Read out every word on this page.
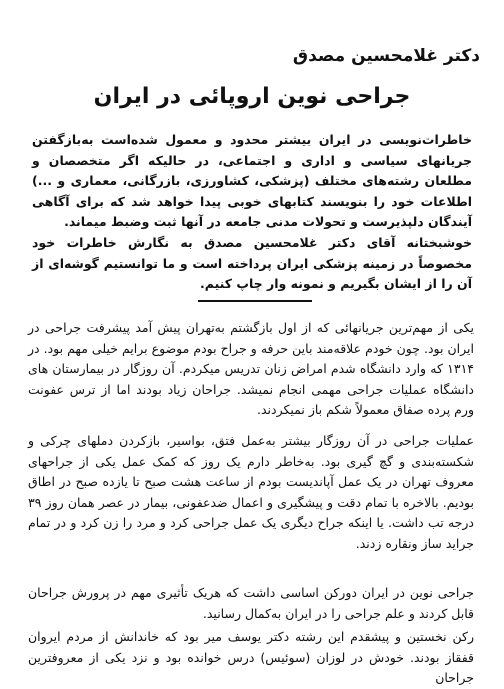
دکتر غلامحسین مصدق
جراحی نوین اروپائی در ایران
خاطرات‌نویسی در ایران بیشتر محدود و معمول شده‌است به‌بازگفتن جریانهای سیاسی و اداری و اجتماعی، در حالیکه اگر متخصصان و مطلعان رشته‌های مختلف (پزشکی، کشاورزی، بازرگانی، معماری و ...) اطلاعات خود را بنویسند کتابهای خوبی پیدا خواهد شد که برای آگاهی آیندگان دلپذیرست و تحولات مدنی جامعه در آنها ثبت وضبط میماند.
خوشبختانه آقای دکتر غلامحسین مصدق به نگارش خاطرات خود مخصوصاً در زمینه پزشکی ایران پرداخته است و ما توانستیم گوشه‌ای از آن را از ایشان بگیریم و نمونه وار چاپ کنیم.
یکی از مهم‌ترین جریانهائی که از اول بازگشتم به‌تهران پیش آمد پیشرفت جراحی در ایران بود. چون خودم علاقه‌مند باین حرفه و جراح بودم موضوع برایم خیلی مهم بود. در ۱۳۱۴ که وارد دانشگاه شدم امراض زنان تدریس میکردم. آن روزگار در بیمارستان های دانشگاه عملیات جراحی مهمی انجام نمیشد. جراحان زیاد بودند اما از ترس عفونت ورم پرده صفاق معمولاً شکم باز نمیکردند.
عملیات جراحی در آن روزگار بیشتر به‌عمل فتق، بواسیر، بازکردن دملهای چرکی و شکسته‌بندی و گچ گیری بود. به‌خاطر دارم یک روز که کمک عمل یکی از جراحهای معروف تهران در یک عمل آپاندیست بودم از ساعت هشت صبح تا یازده صبح در اطاق بودیم. بالاخره با تمام دقت و پیشگیری و اعمال ضدعفونی، بیمار در عصر همان روز ۳۹ درجه تب داشت. یا اینکه جراح دیگری یک عمل جراحی کرد و مرد را زن کرد و در تمام جراید ساز ونقاره زدند.
جراحی نوین در ایران دورکن اساسی داشت که هریک تأثیری مهم در پرورش جراحان قابل کردند و علم جراحی را در ایران به‌کمال رسانید.
رکن نخستین و پیشقدم این رشته دکتر یوسف میر بود که خاندانش از مردم ایروان قفقاز بودند. خودش در لوزان (سوئیس) درس خوانده بود و نزد یکی از معروفترین جراحان
